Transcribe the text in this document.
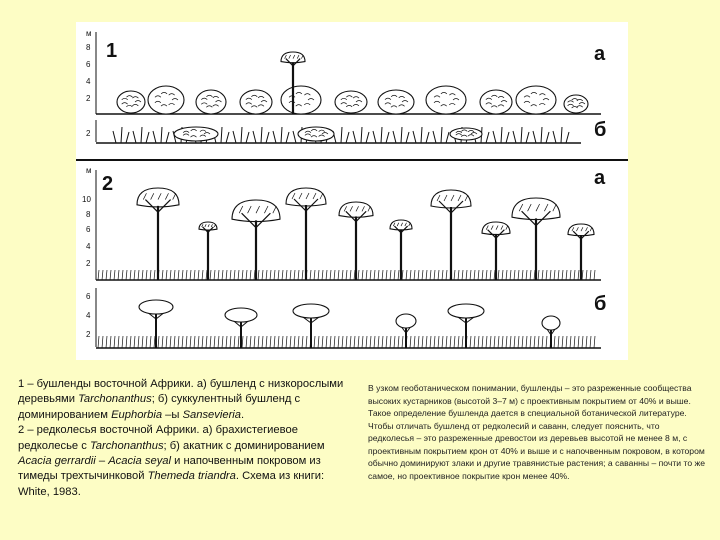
м
8
6
4
2
1	а
2	б
м
10
8
6
4
2
2	а
6
4
2
б

1 – бушленды восточной Африки. а) бушленд с низкорослыми деревьями Tarchonanthus; б) суккулентный бушленд с доминированием Euphorbia –ы Sansevieria.

2 – редколесья восточной Африки. а) брахистегиевое редколесье с Tarchonanthus; б) акатник с доминированием Acacia gerrardii – Acacia seyal и напочвенным покровом из тимеды трехтычинковой Themeda triandra. Схема из книги: White, 1983.

В узком геоботаническом понимании, бушленды – это разреженные сообщества высоких кустарников (высотой 3–7 м) с проективным покрытием от 40% и выше. Такое определение бушленда дается в специальной ботанической литературе. Чтобы отличать бушленд от редколесий и саванн, следует пояснить, что редколесья – это разреженные древостои из деревьев высотой не менее 8 м, с проективным покрытием крон от 40% и выше и с напочвенным покровом, в котором обычно доминируют злаки и другие травянистые растения; а саванны – почти то же самое, но проективное покрытие крон менее 40%.
